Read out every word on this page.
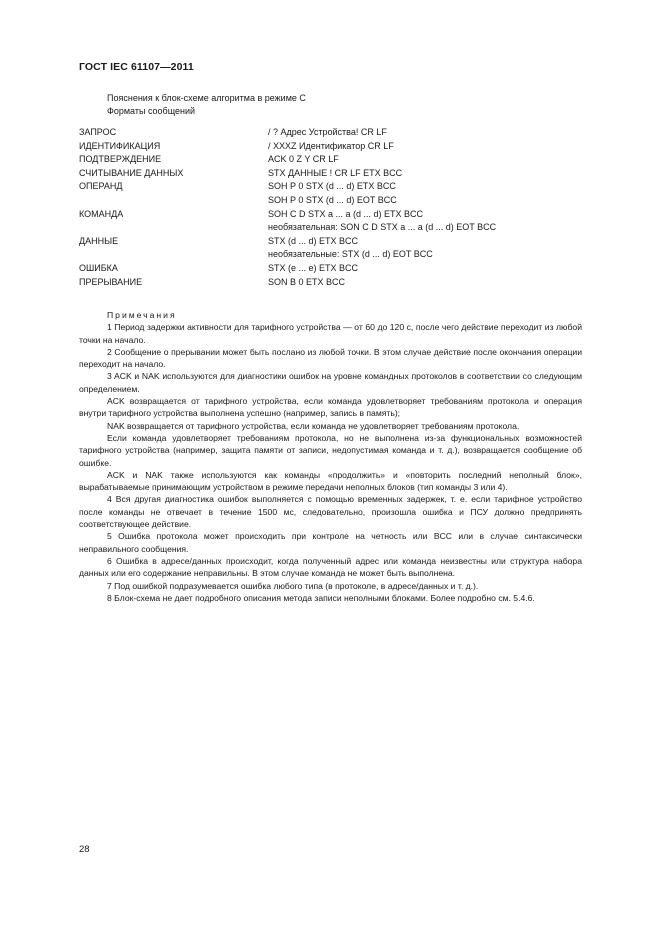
ГОСТ IEC 61107—2011
Пояснения к блок-схеме алгоритма в режиме С
Форматы сообщений
ЗАПРОС	/ ? Адрес Устройства! CR LF
ИДЕНТИФИКАЦИЯ	/ XXXZ Идентификатор CR LF
ПОДТВЕРЖДЕНИЕ	ACK 0 Z Y CR LF
СЧИТЫВАНИЕ ДАННЫХ	STX ДАННЫЕ ! CR LF ETX BCC
ОПЕРАНД	SOH P 0 STX (d ... d) ETX BCC
SOH P 0 STX (d ... d) EOT BCC
КОМАНДА	SOH C D STX a ... a (d ... d) ETX BCC
необязательная: SON C D STX a ... a (d ... d) EOT BCC
ДАННЫЕ	STX (d ... d) ETX BCC
необязательные: STX (d ... d) EOT BCC
ОШИБКА	STX (e ... e) ETX BCC
ПРЕРЫВАНИЕ	SON B 0 ETX BCC
Примечания

1 Период задержки активности для тарифного устройства — от 60 до 120 с, после чего действие переходит из любой точки на начало.

2 Сообщение о прерывании может быть послано из любой точки. В этом случае действие после окончания операции переходит на начало.

3 ACK и NAK используются для диагностики ошибок на уровне командных протоколов в соответствии со следующим определением.

ACK возвращается от тарифного устройства, если команда удовлетворяет требованиям протокола и операция внутри тарифного устройства выполнена успешно (например, запись в память);

NAK возвращается от тарифного устройства, если команда не удовлетворяет требованиям протокола.

Если команда удовлетворяет требованиям протокола, но не выполнена из-за функциональных возможностей тарифного устройства (например, защита памяти от записи, недопустимая команда и т. д.), возвращается сообщение об ошибке.

ACK и NAK также используются как команды «продолжить» и «повторить последний неполный блок», вырабатываемые принимающим устройством в режиме передачи неполных блоков (тип команды 3 или 4).

4 Вся другая диагностика ошибок выполняется с помощью временных задержек, т. е. если тарифное устройство после команды не отвечает в течение 1500 мс, следовательно, произошла ошибка и ПСУ должно предпринять соответствующее действие.

5 Ошибка протокола может происходить при контроле на четность или BCC или в случае синтаксически неправильного сообщения.

6 Ошибка в адресе/данных происходит, когда полученный адрес или команда неизвестны или структура набора данных или его содержание неправильны. В этом случае команда не может быть выполнена.

7 Под ошибкой подразумевается ошибка любого типа (в протоколе, в адресе/данных и т. д.).

8 Блок-схема не дает подробного описания метода записи неполными блоками. Более подробно см. 5.4.6.

28
